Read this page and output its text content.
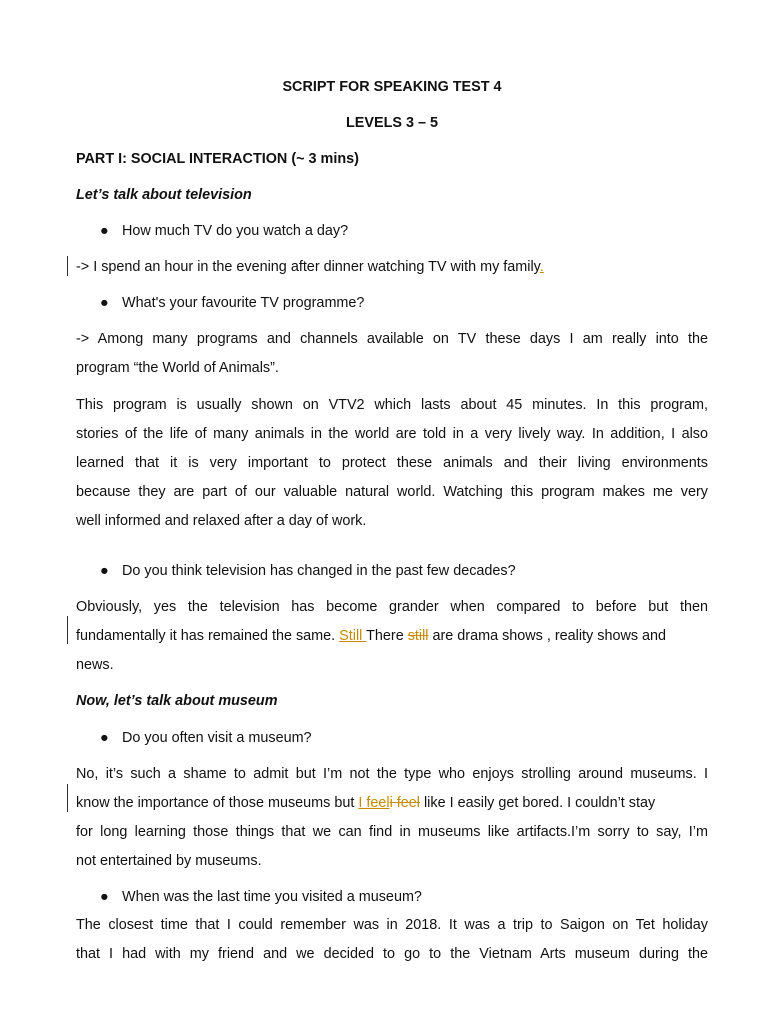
SCRIPT FOR SPEAKING TEST 4
LEVELS 3 – 5
PART I: SOCIAL INTERACTION (~ 3 mins)
Let’s talk about television
● How much TV do you watch a day?
-> I spend an hour in the evening after dinner watching TV with my family.
● What's your favourite TV programme?
-> Among many programs and channels available on TV these days I am really into the
program “the World of Animals”.
This program is usually shown on VTV2 which lasts about 45 minutes. In this program,
stories of the life of many animals in the world are told in a very lively way. In addition, I also
learned that it is very important to protect these animals and their living environments
because they are part of our valuable natural world. Watching this program makes me very
well informed and relaxed after a day of work.
● Do you think television has changed in the past few decades?
Obviously, yes the television has become grander when compared to before but then
fundamentally it has remained the same. Still There still are drama shows , reality shows and
news.
Now, let’s talk about museum
● Do you often visit a museum?
No, it’s such a shame to admit but I’m not the type who enjoys strolling around museums. I
know the importance of those museums but I feeli feel like I easily get bored. I couldn’t stay
for long learning those things that we can find in museums like artifacts.I’m sorry to say, I’m
not entertained by museums.
● When was the last time you visited a museum?
The closest time that I could remember was in 2018. It was a trip to Saigon on Tet holiday
that I had with my friend and we decided to go to the Vietnam Arts museum during the
